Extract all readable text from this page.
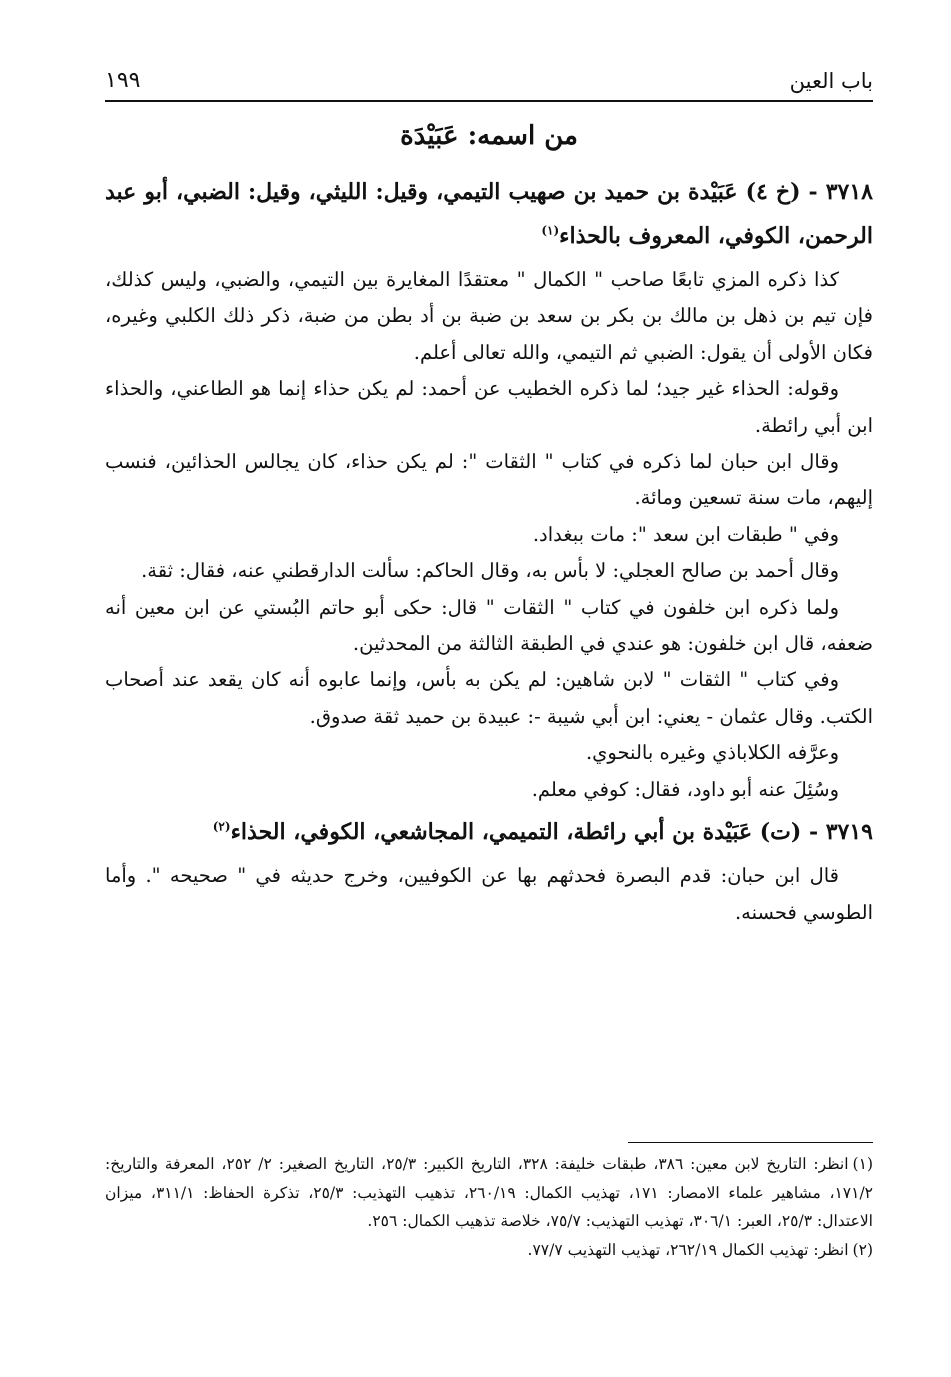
باب العين
١٩٩
من اسمه: عَبَيْدَة

٣٧١٨ - (خ ٤) عَبَيْدة بن حميد بن صهيب التيمي، وقيل: الليثي، وقيل: الضبي، أبو عبد الرحمن، الكوفي، المعروف بالحذاء$^{(١)}$

كذا ذكره المزي تابعًا صاحب " الكمال " معتقدًا المغايرة بين التيمي، والضبي، وليس كذلك، فإن تيم بن ذهل بن مالك بن بكر بن سعد بن ضبة بن أد بطن من ضبة، ذكر ذلك الكلبي وغيره، فكان الأولى أن يقول: الضبي ثم التيمي، والله تعالى أعلم.

وقوله: الحذاء غير جيد؛ لما ذكره الخطيب عن أحمد: لم يكن حذاء إنما هو الطاعني، والحذاء ابن أبي رائطة.

وقال ابن حبان لما ذكره في كتاب " الثقات ": لم يكن حذاء، كان يجالس الحذائين، فنسب إليهم، مات سنة تسعين ومائة.

وفي " طبقات ابن سعد ": مات ببغداد.

وقال أحمد بن صالح العجلي: لا بأس به، وقال الحاكم: سألت الدارقطني عنه، فقال: ثقة.

ولما ذكره ابن خلفون في كتاب " الثقات " قال: حكى أبو حاتم البُستي عن ابن معين أنه ضعفه، قال ابن خلفون: هو عندي في الطبقة الثالثة من المحدثين.

وفي كتاب " الثقات " لابن شاهين: لم يكن به بأس، وإنما عابوه أنه كان يقعد عند أصحاب الكتب. وقال عثمان - يعني: ابن أبي شيبة -: عبيدة بن حميد ثقة صدوق.

وعرَّفه الكلاباذي وغيره بالنحوي.

وسُئِلَ عنه أبو داود، فقال: كوفي معلم.

٣٧١٩ - (ت) عَبَيْدة بن أبي رائطة، التميمي، المجاشعي، الكوفي، الحذاء$^{(٢)}$

قال ابن حبان: قدم البصرة فحدثهم بها عن الكوفيين، وخرج حديثه في " صحيحه ". وأما الطوسي فحسنه.

(١)انظر: التاريخ لابن معين: ٣٨٦، طبقات خليفة: ٣٢٨، التاريخ الكبير: ٢٥/٣، التاريخ الصغير: ٢/ ٢٥٢، المعرفة والتاريخ: ١٧١/٢، مشاهير علماء الامصار: ١٧١، تهذيب الكمال: ٢٦٠/١٩، تذهيب التهذيب: ٢٥/٣، تذكرة الحفاظ: ٣١١/١، ميزان الاعتدال: ٢٥/٣، العبر: ٣٠٦/١، تهذيب التهذيب: ٧٥/٧، خلاصة تذهيب الكمال: ٢٥٦.

(٢)انظر: تهذيب الكمال ٢٦٢/١٩، تهذيب التهذيب ٧٧/٧.
